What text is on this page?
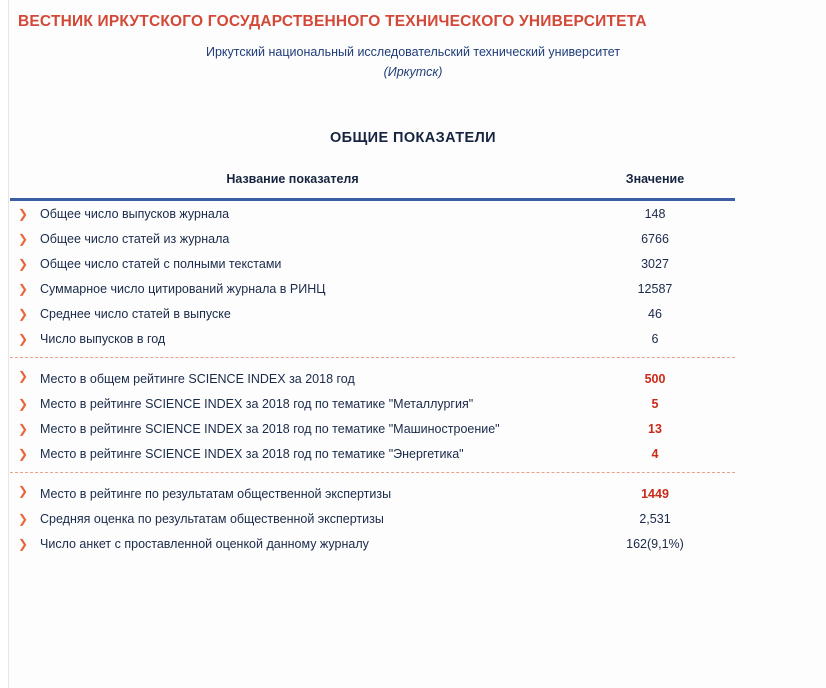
ВЕСТНИК ИРКУТСКОГО ГОСУДАРСТВЕННОГО ТЕХНИЧЕСКОГО УНИВЕРСИТЕТА
Иркутский национальный исследовательский технический университет
(Иркутск)
ОБЩИЕ ПОКАЗАТЕЛИ
Название показателя	Значение

❯ Общее число выпусков журнала	148

❯ Общее число статей из журнала	6766

❯ Общее число статей с полными текстами	3027

❯ Суммарное число цитирований журнала в РИНЦ	12587

❯ Среднее число статей в выпуске	46

❯ Число выпусков в год	6

❯ Место в общем рейтинге SCIENCE INDEX за 2018 год	500

❯ Место в рейтинге SCIENCE INDEX за 2018 год по тематике "Металлургия"	5

❯ Место в рейтинге SCIENCE INDEX за 2018 год по тематике "Машиностроение"	13

❯ Место в рейтинге SCIENCE INDEX за 2018 год по тематике "Энергетика"	4

❯ Место в рейтинге по результатам общественной экспертизы	1449

❯ Средняя оценка по результатам общественной экспертизы	2,531

❯ Число анкет с проставленной оценкой данному журналу	162(9,1%)
